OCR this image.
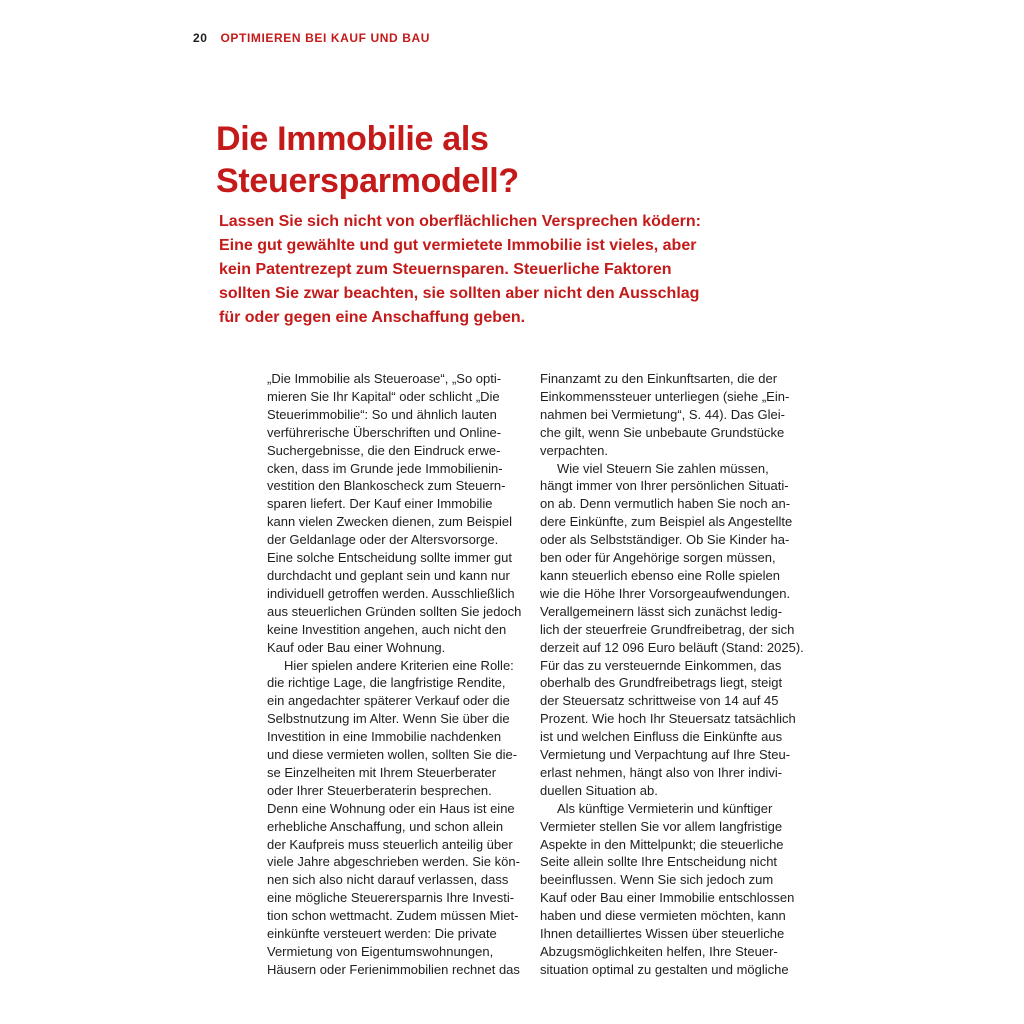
20 OPTIMIEREN BEI KAUF UND BAU
Die Immobilie als
Steuersparmodell?
Lassen Sie sich nicht von oberflächlichen Versprechen ködern:
Eine gut gewählte und gut vermietete Immobilie ist vieles, aber
kein Patentrezept zum Steuernsparen. Steuerliche Faktoren
sollten Sie zwar beachten, sie sollten aber nicht den Ausschlag
für oder gegen eine Anschaffung geben.
„Die Immobilie als Steueroase“, „So opti-
mieren Sie Ihr Kapital“ oder schlicht „Die
Steuerimmobilie“: So und ähnlich lauten
verführerische Überschriften und Online-
Suchergebnisse, die den Eindruck erwe-
cken, dass im Grunde jede Immobilienin-
vestition den Blankoscheck zum Steuern-
sparen liefert. Der Kauf einer Immobilie
kann vielen Zwecken dienen, zum Beispiel
der Geldanlage oder der Altersvorsorge.
Eine solche Entscheidung sollte immer gut
durchdacht und geplant sein und kann nur
individuell getroffen werden. Ausschließlich
aus steuerlichen Gründen sollten Sie jedoch
keine Investition angehen, auch nicht den
Kauf oder Bau einer Wohnung.
Hier spielen andere Kriterien eine Rolle:
die richtige Lage, die langfristige Rendite,
ein angedachter späterer Verkauf oder die
Selbstnutzung im Alter. Wenn Sie über die
Investition in eine Immobilie nachdenken
und diese vermieten wollen, sollten Sie die-
se Einzelheiten mit Ihrem Steuerberater
oder Ihrer Steuerberaterin besprechen.
Denn eine Wohnung oder ein Haus ist eine
erhebliche Anschaffung, und schon allein
der Kaufpreis muss steuerlich anteilig über
viele Jahre abgeschrieben werden. Sie kön-
nen sich also nicht darauf verlassen, dass
eine mögliche Steuerersparnis Ihre Investi-
tion schon wettmacht. Zudem müssen Miet-
einkünfte versteuert werden: Die private
Vermietung von Eigentumswohnungen,
Häusern oder Ferienimmobilien rechnet das
Finanzamt zu den Einkunftsarten, die der
Einkommenssteuer unterliegen (siehe „Ein-
nahmen bei Vermietung“, S. 44). Das Glei-
che gilt, wenn Sie unbebaute Grundstücke
verpachten.
Wie viel Steuern Sie zahlen müssen,
hängt immer von Ihrer persönlichen Situati-
on ab. Denn vermutlich haben Sie noch an-
dere Einkünfte, zum Beispiel als Angestellte
oder als Selbstständiger. Ob Sie Kinder ha-
ben oder für Angehörige sorgen müssen,
kann steuerlich ebenso eine Rolle spielen
wie die Höhe Ihrer Vorsorgeaufwendungen.
Verallgemeinern lässt sich zunächst ledig-
lich der steuerfreie Grundfreibetrag, der sich
derzeit auf 12 096 Euro beläuft (Stand: 2025).
Für das zu versteuernde Einkommen, das
oberhalb des Grundfreibetrags liegt, steigt
der Steuersatz schrittweise von 14 auf 45
Prozent. Wie hoch Ihr Steuersatz tatsächlich
ist und welchen Einfluss die Einkünfte aus
Vermietung und Verpachtung auf Ihre Steu-
erlast nehmen, hängt also von Ihrer indivi-
duellen Situation ab.
Als künftige Vermieterin und künftiger
Vermieter stellen Sie vor allem langfristige
Aspekte in den Mittelpunkt; die steuerliche
Seite allein sollte Ihre Entscheidung nicht
beeinflussen. Wenn Sie sich jedoch zum
Kauf oder Bau einer Immobilie entschlossen
haben und diese vermieten möchten, kann
Ihnen detailliertes Wissen über steuerliche
Abzugsmöglichkeiten helfen, Ihre Steuer-
situation optimal zu gestalten und mögliche
